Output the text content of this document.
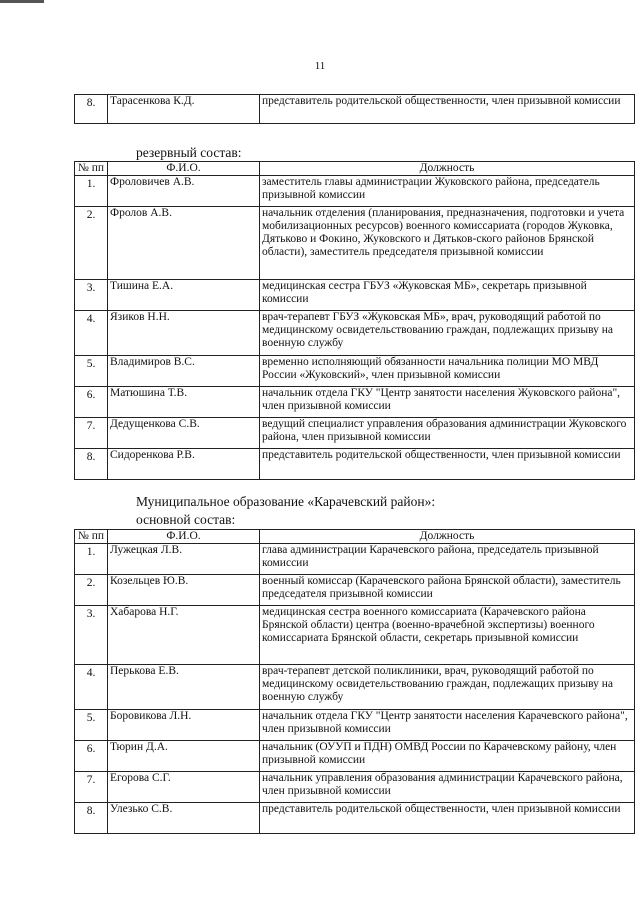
11
8.	Тарасенкова К.Д.	представитель родительской общественности, член призывной комиссии
резервный состав:
№ пп	Ф.И.О.	Должность
1.	Фроловичев А.В.	заместитель главы администрации Жуковского района, председатель призывной комиссии
2.	Фролов А.В.	начальник отделения (планирования, предназначения, подготовки и учета мобилизационных ресурсов) военного комиссариата (городов Жуковка, Дятьково и Фокино, Жуковского и Дятьков-ского районов Брянской области), заместитель председателя призывной комиссии
3.	Тишина Е.А.	медицинская сестра ГБУЗ «Жуковская МБ», секретарь призывной комиссии
4.	Язиков Н.Н.	врач-терапевт ГБУЗ «Жуковская МБ», врач, руководящий работой по медицинскому освидетельствованию граждан, подлежащих призыву на военную службу
5.	Владимиров В.С.	временно исполняющий обязанности начальника полиции МО МВД России «Жуковский», член призывной комиссии
6.	Матюшина Т.В.	начальник отдела ГКУ "Центр занятости населения Жуковского района", член призывной комиссии
7.	Дедущенкова С.В.	ведущий специалист управления образования администрации Жуковского района, член призывной комиссии
8.	Сидоренкова Р.В.	представитель родительской общественности, член призывной комиссии
Муниципальное образование «Карачевский район»:
основной состав:
№ пп	Ф.И.О.	Должность
1.	Лужецкая Л.В.	глава администрации Карачевского района, председатель призывной комиссии
2.	Козельцев Ю.В.	военный комиссар (Карачевского района Брянской области), заместитель председателя призывной комиссии
3.	Хабарова Н.Г.	медицинская сестра военного комиссариата (Карачевского района Брянской области) центра (военно-врачебной экспертизы) военного комиссариата Брянской области, секретарь призывной комиссии
4.	Перькова Е.В.	врач-терапевт детской поликлиники, врач, руководящий работой по медицинскому освидетельствованию граждан, подлежащих призыву на военную службу
5.	Боровикова Л.Н.	начальник отдела ГКУ "Центр занятости населения Карачевского района", член призывной комиссии
6.	Тюрин Д.А.	начальник (ОУУП и ПДН) ОМВД России по Карачевскому району, член призывной комиссии
7.	Егорова С.Г.	начальник управления образования администрации Карачевского района, член призывной комиссии
8.	Улезько С.В.	представитель родительской общественности, член призывной комиссии
